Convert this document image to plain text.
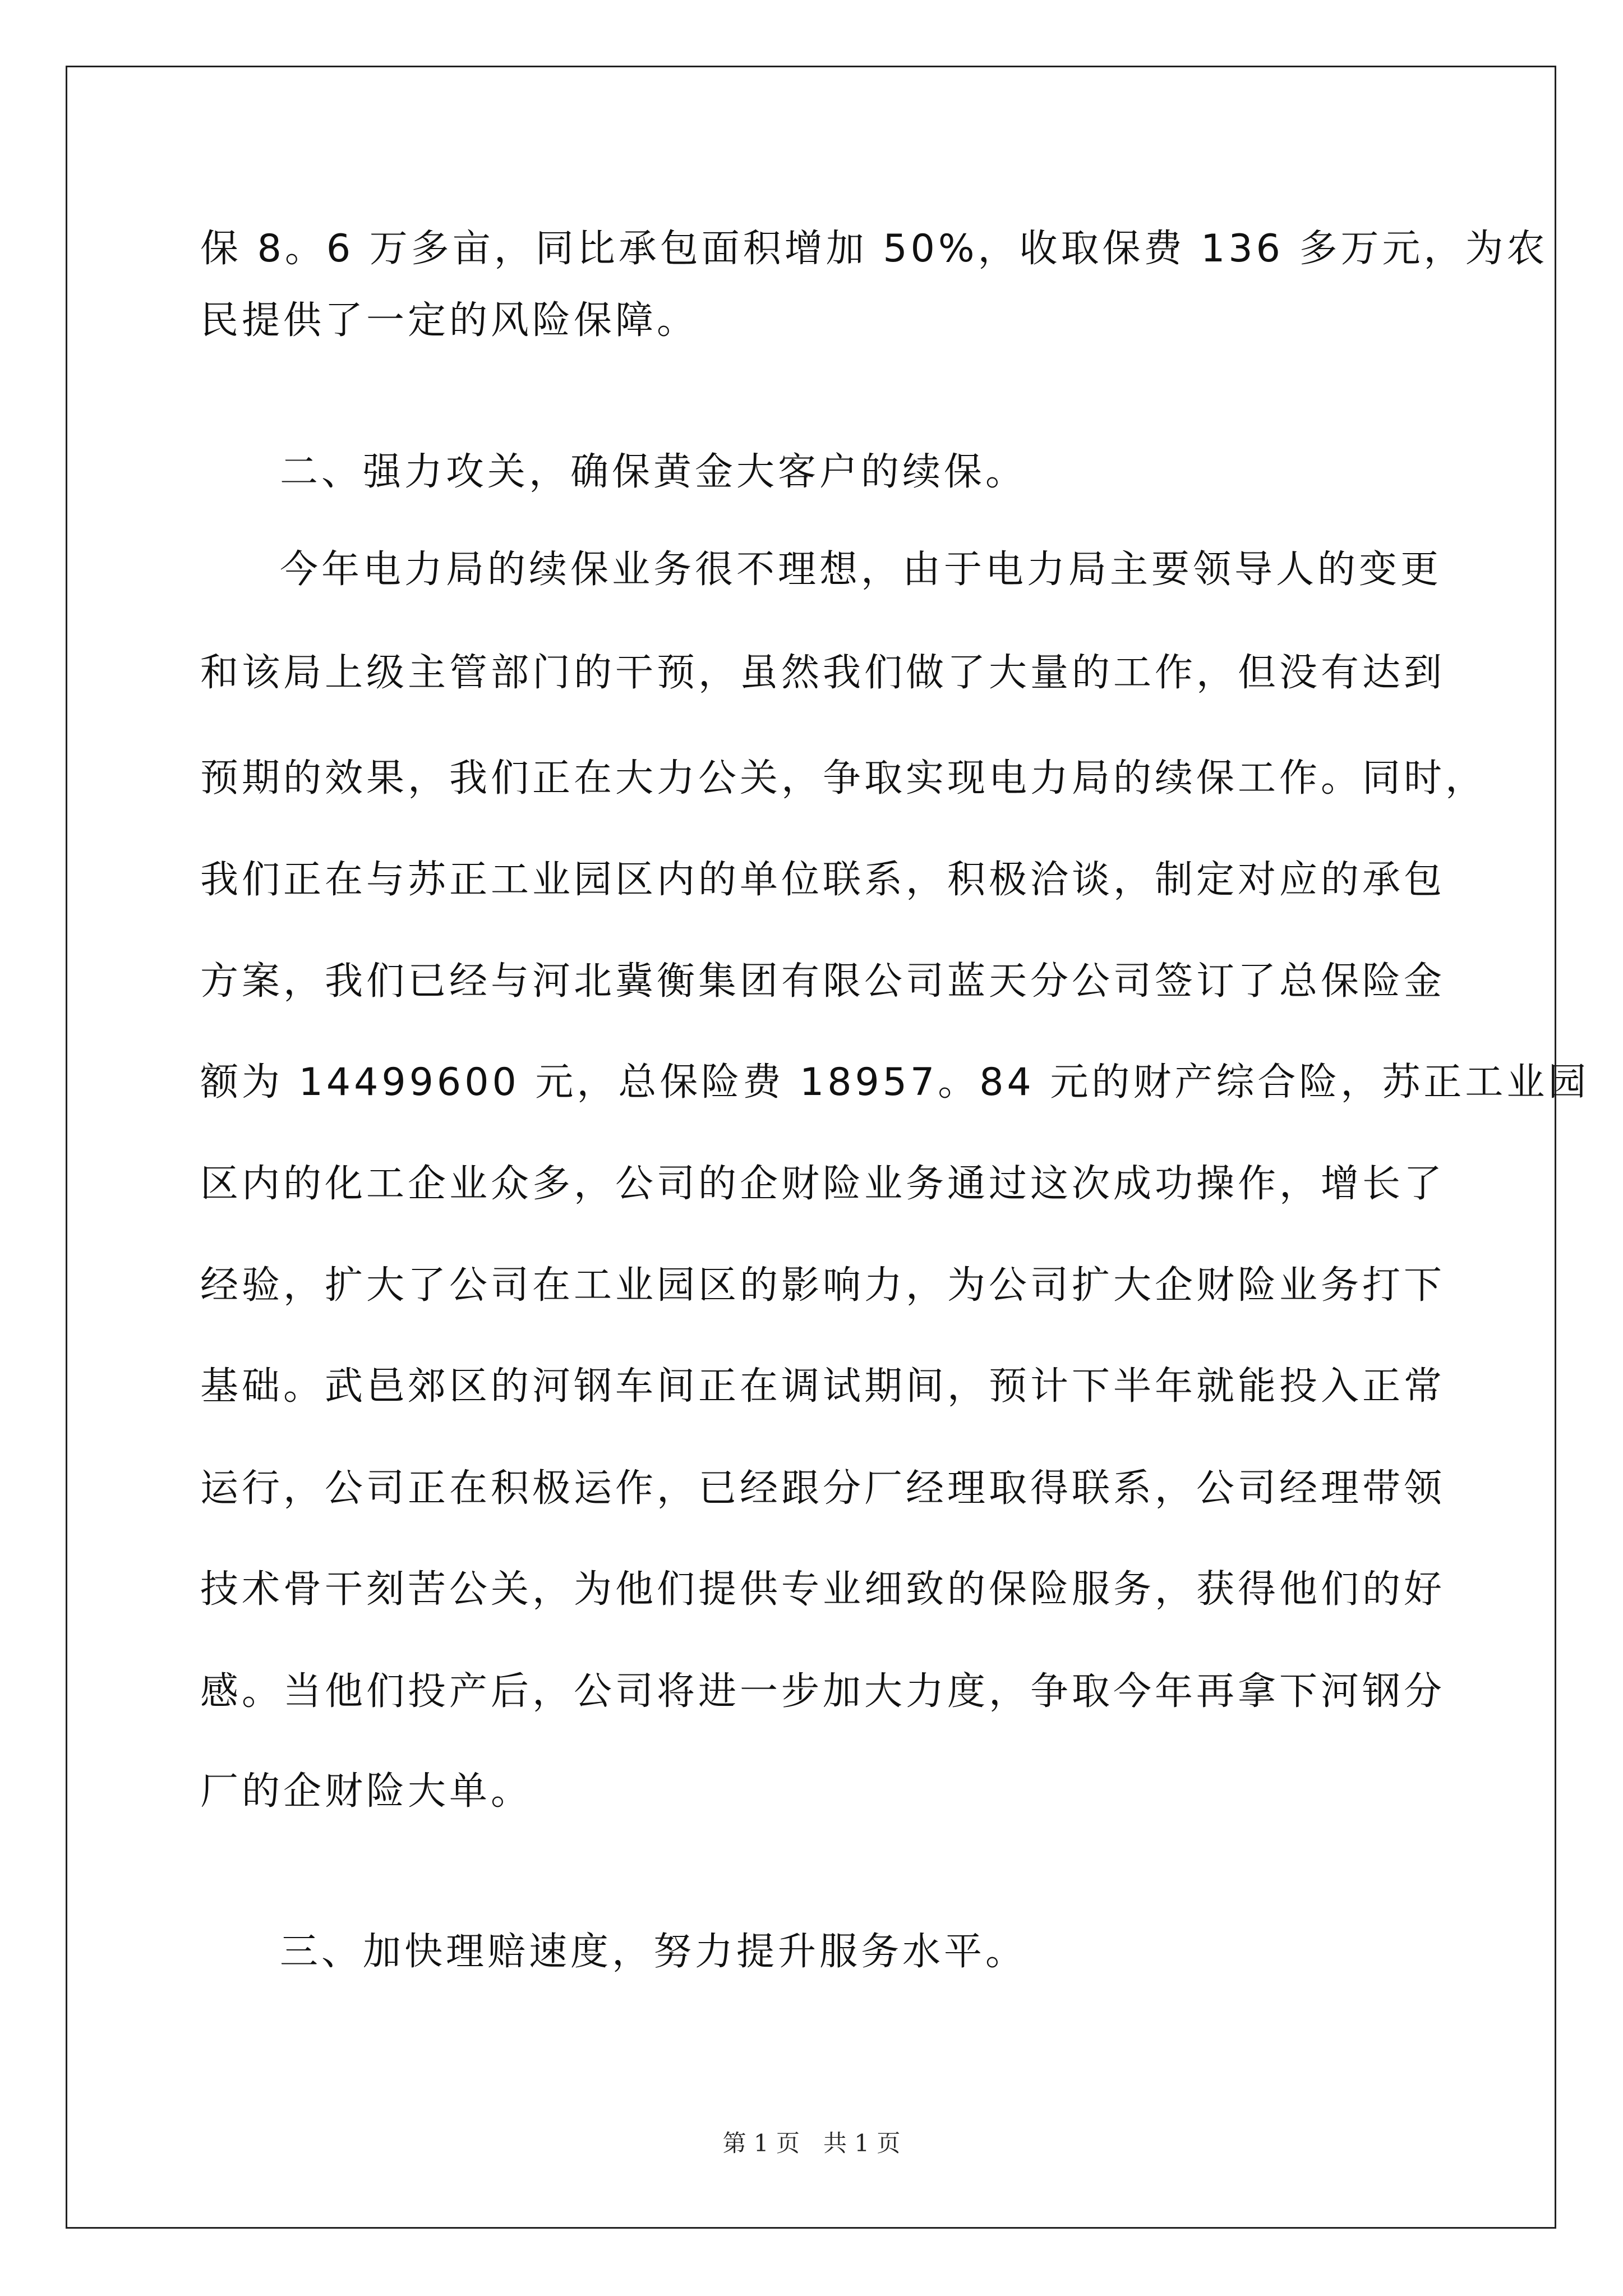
保 8。6 万多亩，同比承包面积增加 50%，收取保费 136 多万元，为农
民提供了一定的风险保障。
二、强力攻关，确保黄金大客户的续保。
今年电力局的续保业务很不理想，由于电力局主要领导人的变更
和该局上级主管部门的干预，虽然我们做了大量的工作，但没有达到
预期的效果，我们正在大力公关，争取实现电力局的续保工作。同时，
我们正在与苏正工业园区内的单位联系，积极洽谈，制定对应的承包
方案，我们已经与河北冀衡集团有限公司蓝天分公司签订了总保险金
额为 14499600 元，总保险费 18957。84 元的财产综合险，苏正工业园
区内的化工企业众多，公司的企财险业务通过这次成功操作，增长了
经验，扩大了公司在工业园区的影响力，为公司扩大企财险业务打下
基础。武邑郊区的河钢车间正在调试期间，预计下半年就能投入正常
运行，公司正在积极运作，已经跟分厂经理取得联系，公司经理带领
技术骨干刻苦公关，为他们提供专业细致的保险服务，获得他们的好
感。当他们投产后，公司将进一步加大力度，争取今年再拿下河钢分
厂的企财险大单。
三、加快理赔速度，努力提升服务水平。
第 1 页　共 1 页
